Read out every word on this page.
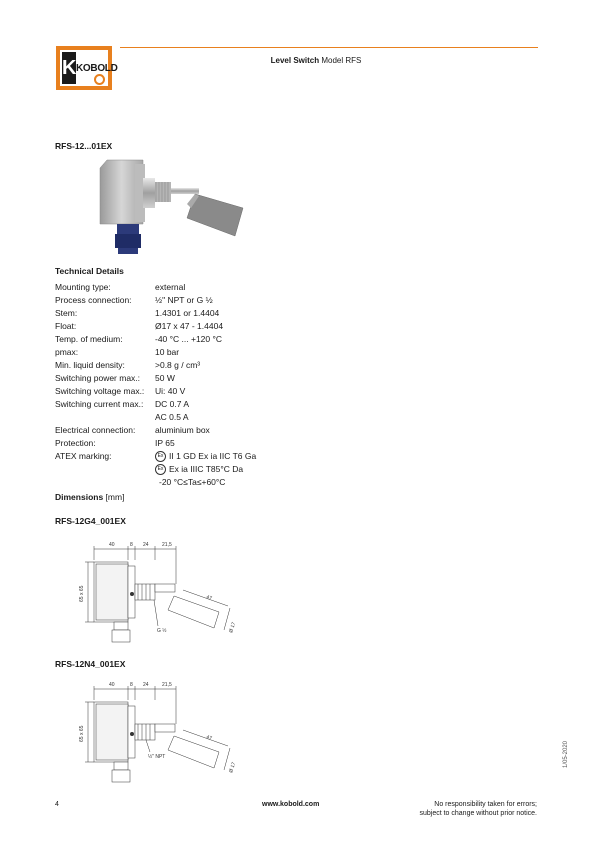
K KOBOLD
Level Switch Model RFS
RFS-12...01EX
Technical Details
Mounting type:	external
Process connection:	½" NPT or G ½
Stem:	1.4301 or 1.4404
Float:	Ø17 x 47 - 1.4404
Temp. of medium:	-40 °C ... +120 °C
pmax:	10 bar
Min. liquid density:	>0.8 g / cm³
Switching power max.:	50 W
Switching voltage max.:	Ui: 40 V
Switching current max.:	DC 0.7 A
	AC 0.5 A
Electrical connection:	aluminium box
Protection:	IP 65
ATEX marking:	Ex II 1 GD Ex ia IIC T6 Ga
	Ex Ex ia IIIC T85°C Da
	-20 °C≤Ta≤+60°C
Dimensions [mm]
RFS-12G4_001EX
40	8 24	21,5
65 x 65	47
Ø 17
G ½
RFS-12N4_001EX
40	8 24	21,5
65 x 65	47
Ø 17
½" NPT
4	www.kobold.com	No responsibility taken for errors;
subject to change without prior notice.
1/05-2020
